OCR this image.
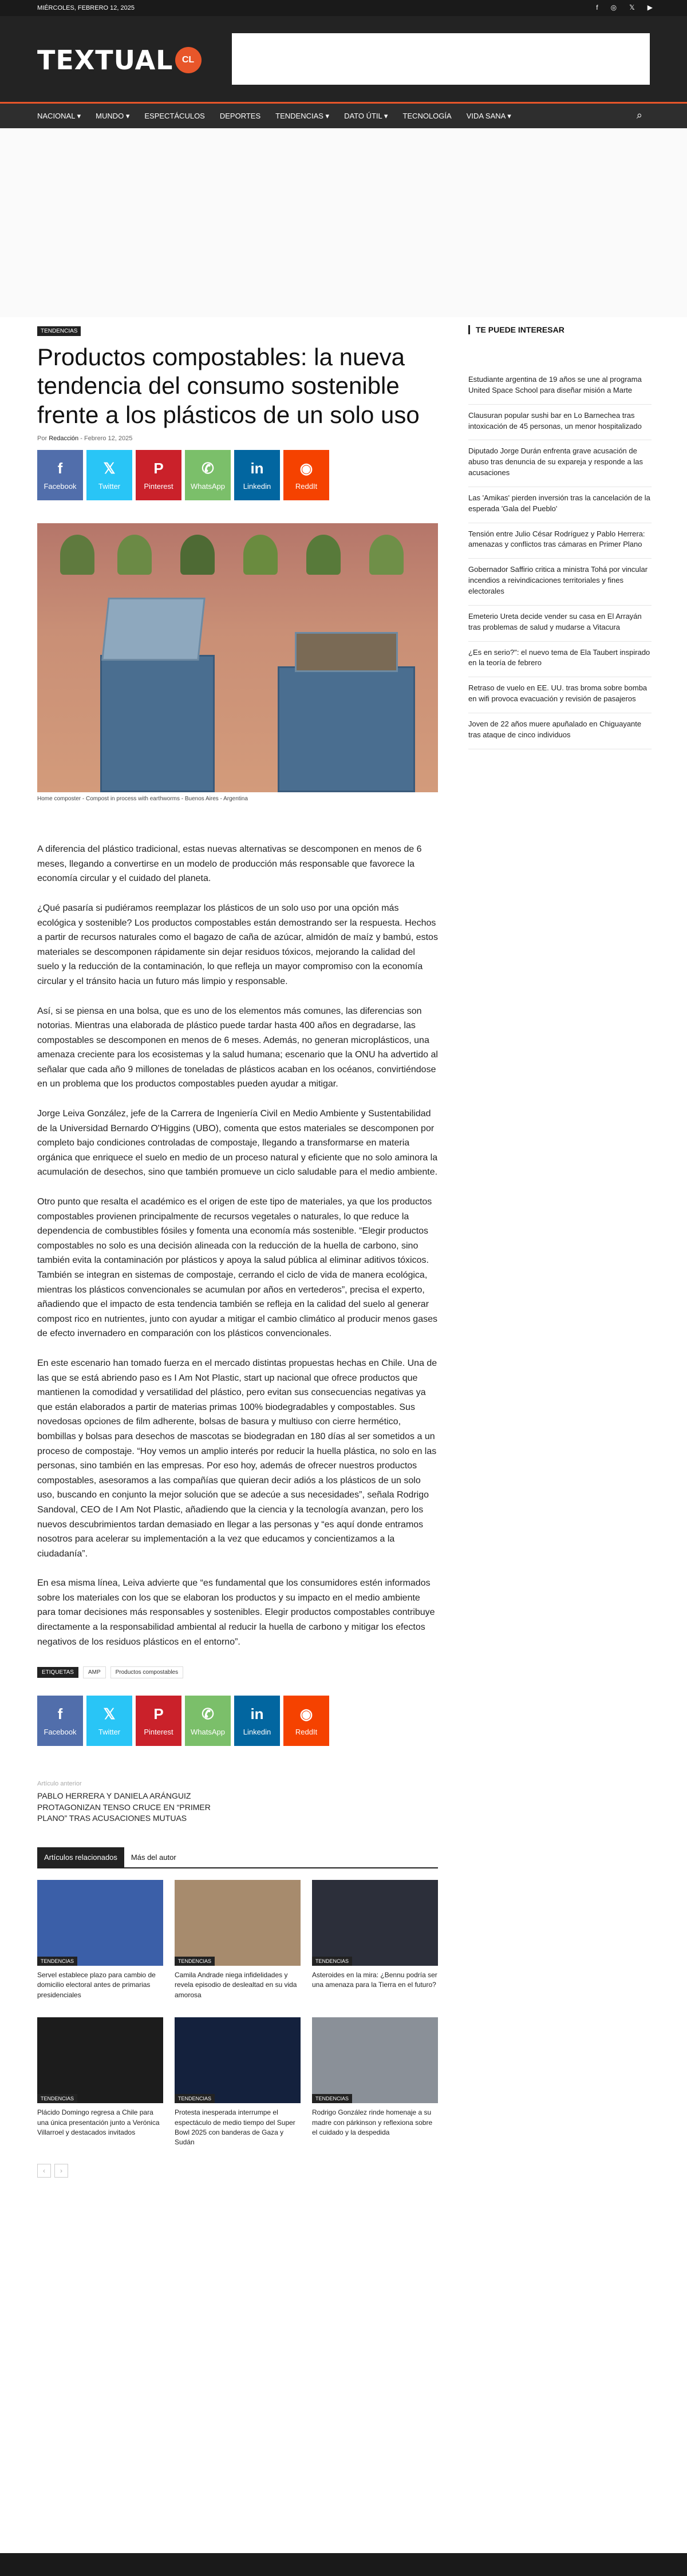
MIÉRCOLES, FEBRERO 12, 2025	f ◎ 𝕏 ▶
TEXTUAL CL
NACIONAL ▾ MUNDO ▾ ESPECTÁCULOS DEPORTES TENDENCIAS ▾ DATO ÚTIL ▾ TECNOLOGÍA VIDA SANA ▾	⌕
TENDENCIAS
Productos compostables: la nueva tendencia del consumo sostenible frente a los plásticos de un solo uso
Por Redacción - Febrero 12, 2025
f
Facebook
𝕏
Twitter
P
Pinterest
✆
WhatsApp
in
Linkedin
◉
ReddIt
Home composter - Compost in process with earthworms - Buenos Aires - Argentina

A diferencia del plástico tradicional, estas nuevas alternativas se descomponen en menos de 6 meses, llegando a convertirse en un modelo de producción más responsable que favorece la economía circular y el cuidado del planeta.

¿Qué pasaría si pudiéramos reemplazar los plásticos de un solo uso por una opción más ecológica y sostenible? Los productos compostables están demostrando ser la respuesta. Hechos a partir de recursos naturales como el bagazo de caña de azúcar, almidón de maíz y bambú, estos materiales se descomponen rápidamente sin dejar residuos tóxicos, mejorando la calidad del suelo y la reducción de la contaminación, lo que refleja un mayor compromiso con la economía circular y el tránsito hacia un futuro más limpio y responsable.

Así, si se piensa en una bolsa, que es uno de los elementos más comunes, las diferencias son notorias. Mientras una elaborada de plástico puede tardar hasta 400 años en degradarse, las compostables se descomponen en menos de 6 meses. Además, no generan microplásticos, una amenaza creciente para los ecosistemas y la salud humana; escenario que la ONU ha advertido al señalar que cada año 9 millones de toneladas de plásticos acaban en los océanos, convirtiéndose en un problema que los productos compostables pueden ayudar a mitigar.

Jorge Leiva González, jefe de la Carrera de Ingeniería Civil en Medio Ambiente y Sustentabilidad de la Universidad Bernardo O'Higgins (UBO), comenta que estos materiales se descomponen por completo bajo condiciones controladas de compostaje, llegando a transformarse en materia orgánica que enriquece el suelo en medio de un proceso natural y eficiente que no solo aminora la acumulación de desechos, sino que también promueve un ciclo saludable para el medio ambiente.

Otro punto que resalta el académico es el origen de este tipo de materiales, ya que los productos compostables provienen principalmente de recursos vegetales o naturales, lo que reduce la dependencia de combustibles fósiles y fomenta una economía más sostenible. “Elegir productos compostables no solo es una decisión alineada con la reducción de la huella de carbono, sino también evita la contaminación por plásticos y apoya la salud pública al eliminar aditivos tóxicos. También se integran en sistemas de compostaje, cerrando el ciclo de vida de manera ecológica, mientras los plásticos convencionales se acumulan por años en vertederos”, precisa el experto, añadiendo que el impacto de esta tendencia también se refleja en la calidad del suelo al generar compost rico en nutrientes, junto con ayudar a mitigar el cambio climático al producir menos gases de efecto invernadero en comparación con los plásticos convencionales.

En este escenario han tomado fuerza en el mercado distintas propuestas hechas en Chile. Una de las que se está abriendo paso es I Am Not Plastic, start up nacional que ofrece productos que mantienen la comodidad y versatilidad del plástico, pero evitan sus consecuencias negativas ya que están elaborados a partir de materias primas 100% biodegradables y compostables. Sus novedosas opciones de film adherente, bolsas de basura y multiuso con cierre hermético, bombillas y bolsas para desechos de mascotas se biodegradan en 180 días al ser sometidos a un proceso de compostaje. “Hoy vemos un amplio interés por reducir la huella plástica, no solo en las personas, sino también en las empresas. Por eso hoy, además de ofrecer nuestros productos compostables, asesoramos a las compañías que quieran decir adiós a los plásticos de un solo uso, buscando en conjunto la mejor solución que se adecúe a sus necesidades”, señala Rodrigo Sandoval, CEO de I Am Not Plastic, añadiendo que la ciencia y la tecnología avanzan, pero los nuevos descubrimientos tardan demasiado en llegar a las personas y “es aquí donde entramos nosotros para acelerar su implementación a la vez que educamos y concientizamos a la ciudadanía”.

En esa misma línea, Leiva advierte que “es fundamental que los consumidores estén informados sobre los materiales con los que se elaboran los productos y su impacto en el medio ambiente para tomar decisiones más responsables y sostenibles. Elegir productos compostables contribuye directamente a la responsabilidad ambiental al reducir la huella de carbono y mitigar los efectos negativos de los residuos plásticos en el entorno”.

ETIQUETAS	AMP	Productos compostables
f
Facebook
𝕏
Twitter
P
Pinterest
✆
WhatsApp
in
Linkedin
◉
ReddIt
Artículo anterior
PABLO HERRERA Y DANIELA ARÁNGUIZ PROTAGONIZAN TENSO CRUCE EN “PRIMER PLANO” TRAS ACUSACIONES MUTUAS
Artículos relacionados	Más del autor
TENDENCIAS
Servel establece plazo para cambio de domicilio electoral antes de primarias presidenciales
TENDENCIAS
Camila Andrade niega infidelidades y revela episodio de deslealtad en su vida amorosa
TENDENCIAS
Asteroides en la mira: ¿Bennu podría ser una amenaza para la Tierra en el futuro?
TENDENCIAS
Plácido Domingo regresa a Chile para una única presentación junto a Verónica Villarroel y destacados invitados
TENDENCIAS
Protesta inesperada interrumpe el espectáculo de medio tiempo del Super Bowl 2025 con banderas de Gaza y Sudán
TENDENCIAS
Rodrigo González rinde homenaje a su madre con párkinson y reflexiona sobre el cuidado y la despedida
‹	›
TE PUEDE INTERESAR
Estudiante argentina de 19 años se une al programa United Space School para diseñar misión a Marte
Clausuran popular sushi bar en Lo Barnechea tras intoxicación de 45 personas, un menor hospitalizado
Diputado Jorge Durán enfrenta grave acusación de abuso tras denuncia de su expareja y responde a las acusaciones
Las 'Amikas' pierden inversión tras la cancelación de la esperada 'Gala del Pueblo'
Tensión entre Julio César Rodríguez y Pablo Herrera: amenazas y conflictos tras cámaras en Primer Plano
Gobernador Saffirio critica a ministra Tohá por vincular incendios a reivindicaciones territoriales y fines electorales
Emeterio Ureta decide vender su casa en El Arrayán tras problemas de salud y mudarse a Vitacura
¿Es en serio?": el nuevo tema de Ela Taubert inspirado en la teoría de febrero
Retraso de vuelo en EE. UU. tras broma sobre bomba en wifi provoca evacuación y revisión de pasajeros
Joven de 22 años muere apuñalado en Chiguayante tras ataque de cinco individuos
